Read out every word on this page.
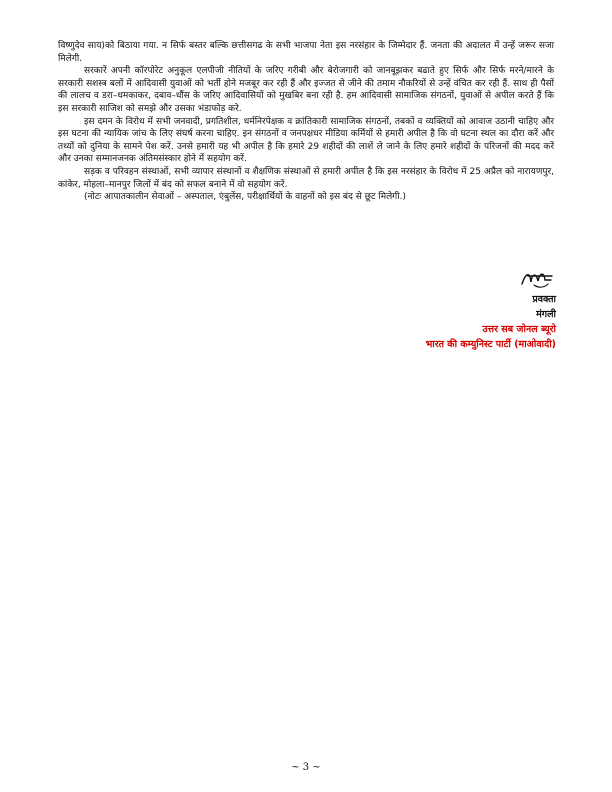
विष्णुदेव साय)को बिठाया गया. न सिर्फ बस्तर बल्कि छत्तीसगढ के सभी भाजपा नेता इस नरसंहार के जिम्मेदार हैं. जनता की अदालत में उन्हें जरूर सजा मिलेगी.

सरकारें अपनी कॉरपोरेट अनुकूल एलपीजी नीतियों के जरिए गरीबी और बेरोजगारी को जानबूझकर बढाते हुए सिर्फ और सिर्फ मरने/मारने के सरकारी सशस्त्र बलों में आदिवासी युवाओं को भर्ती होने मजबूर कर रही हैं और इज्जत से जीने की तमाम नौकरियों से उन्हें वंचित कर रही हैं. साथ ही पैसों की लालच व डरा–धमकाकर, दबाव–धौंस के जरिए आदिवासियों को मुखबिर बना रही है. हम आदिवासी सामाजिक संगठनों, युवाओं से अपील करते हैं कि इस सरकारी साजिश को समझे और उसका भंडाफोड़ करे.

इस दमन के विरोध में सभी जनवादी, प्रगतिशील, धर्मनिरपेक्षक व क्रांतिकारी सामाजिक संगठनों, तबकों व व्यक्तियों को आवाज उठानी चाहिए और इस घटना की न्यायिक जांच के लिए संघर्ष करना चाहिए. इन संगठनों व जनपक्षधर मीडिया कर्मियों से हमारी अपील है कि वो घटना स्थल का दौरा करें और तथ्यों को दुनिया के सामने पेश करें. उनसे हमारी यह भी अपील है कि हमारे 29 शहीदों की लाशें ले जाने के लिए हमारे शहीदों के परिजनों की मदद करें और उनका सम्मानजनक अंतिमसंस्कार होने में सहयोग करें.

सड़क व परिवहन संस्थाओं, सभी व्यापार संस्थानों व शैक्षणिक संस्थाओं से हमारी अपील है कि इस नरसंहार के विरोध में 25 अप्रैल को नारायणपुर, कांकेर, मोहला–मानपुर जिलों में बंद को सफल बनाने में वो सहयोग करें.

(नोटः आपातकालीन सेवाओं – अस्पताल, एंबुलेंस, परीक्षार्थियों के वाहनों को इस बंद से छूट मिलेगी.)

प्रवक्ता
मंगली
उत्तर सब जोनल ब्यूरो
भारत की कम्युनिस्ट पार्टी (माओवादी)
~ 3 ~
